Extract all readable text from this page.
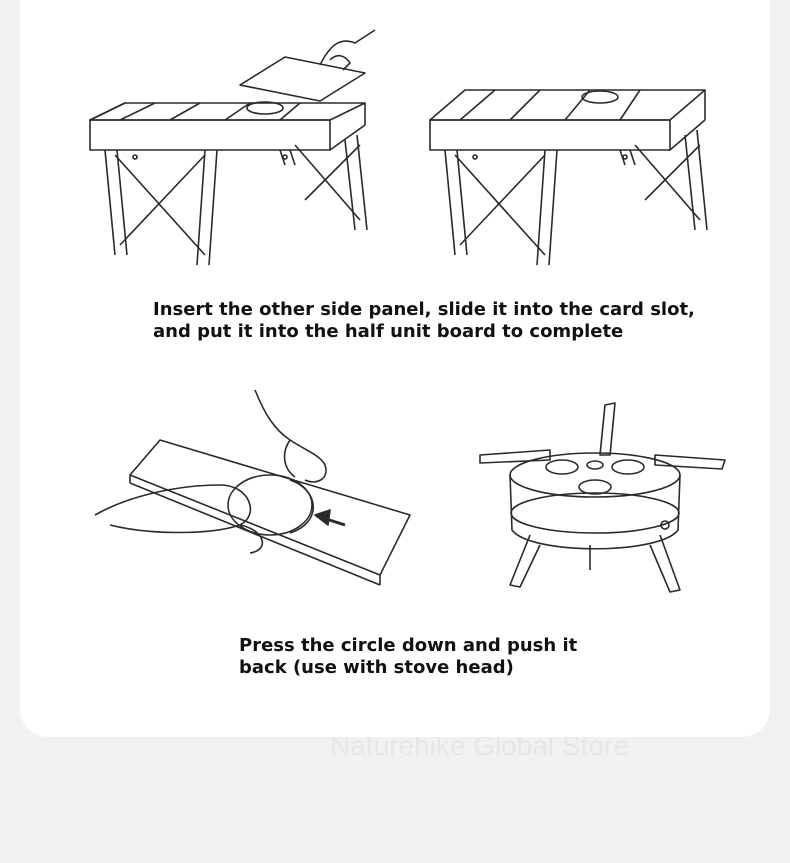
Insert the other side panel, slide it into the card slot,
and put it into the half unit board to complete
Press the circle down and push it
back (use with stove head)
